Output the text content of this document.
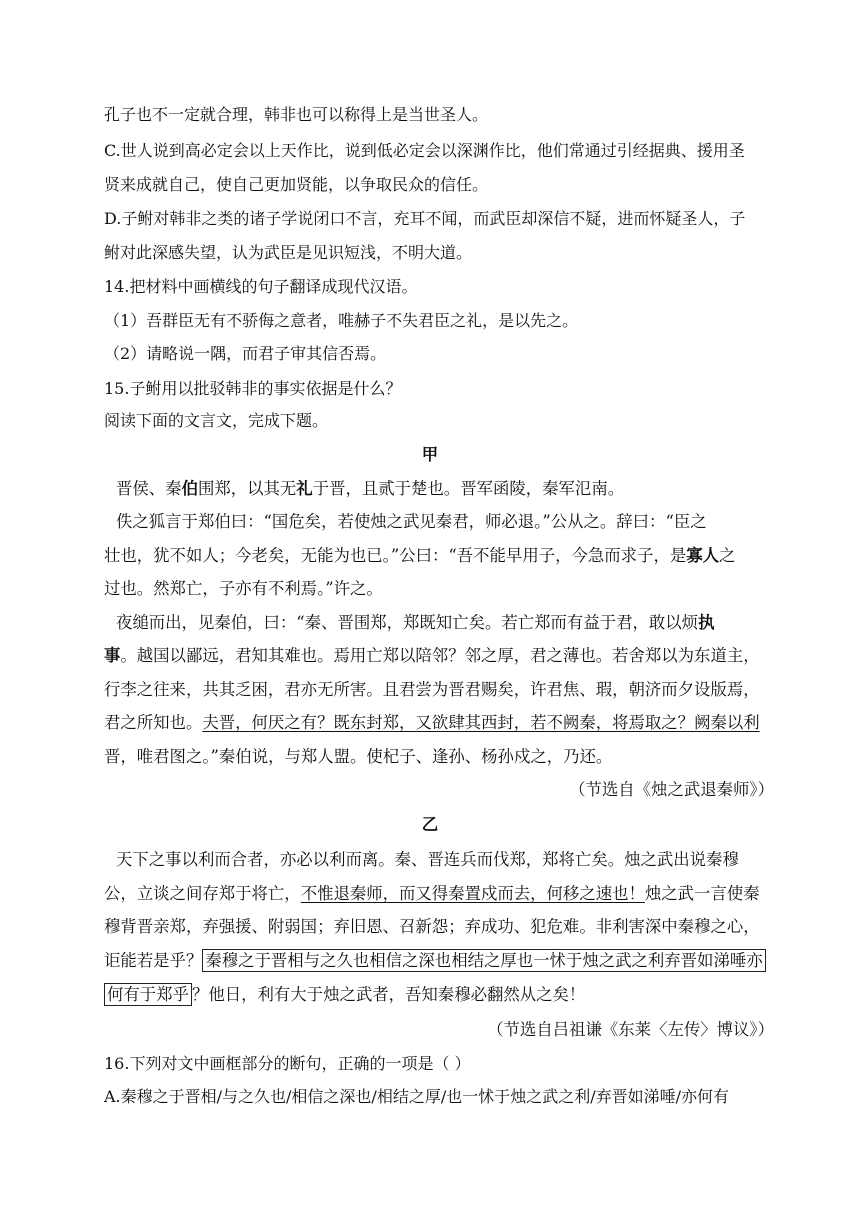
孔子也不一定就合理，韩非也可以称得上是当世圣人。
C.世人说到高必定会以上天作比，说到低必定会以深渊作比，他们常通过引经据典、援用圣
贤来成就自己，使自己更加贤能，以争取民众的信任。
D.子鲋对韩非之类的诸子学说闭口不言，充耳不闻，而武臣却深信不疑，进而怀疑圣人，子
鲋对此深感失望，认为武臣是见识短浅，不明大道。
14.把材料中画横线的句子翻译成现代汉语。
（1）吾群臣无有不骄侮之意者，唯赫子不失君臣之礼，是以先之。
（2）请略说一隅，而君子审其信否焉。
15.子鲋用以批驳韩非的事实依据是什么？
阅读下面的文言文，完成下题。
甲
晋侯、秦伯围郑，以其无礼于晋，且贰于楚也。晋军函陵，秦军氾南。
佚之狐言于郑伯曰：“国危矣，若使烛之武见秦君，师必退。”公从之。辞曰：“臣之
壮也，犹不如人；今老矣，无能为也已。”公曰：“吾不能早用子，今急而求子，是寡人之
过也。然郑亡，子亦有不利焉。”许之。
夜缒而出，见秦伯，曰：“秦、晋围郑，郑既知亡矣。若亡郑而有益于君，敢以烦执
事。越国以鄙远，君知其难也。焉用亡郑以陪邻？邻之厚，君之薄也。若舍郑以为东道主，
行李之往来，共其乏困，君亦无所害。且君尝为晋君赐矣，许君焦、瑕，朝济而夕设版焉，
君之所知也。夫晋，何厌之有？既东封郑，又欲肆其西封，若不阙秦，将焉取之？阙秦以利
晋，唯君图之。”秦伯说，与郑人盟。使杞子、逢孙、杨孙戍之，乃还。
（节选自《烛之武退秦师》）
乙
天下之事以利而合者，亦必以利而离。秦、晋连兵而伐郑，郑将亡矣。烛之武出说秦穆
公，立谈之间存郑于将亡，不惟退秦师，而又得秦置戍而去，何移之速也！烛之武一言使秦
穆背晋亲郑，弃强援、附弱国；弃旧恩、召新怨；弃成功、犯危难。非利害深中秦穆之心，
讵能若是乎？ 秦穆之于晋相与之久也相信之深也相结之厚也一怵于烛之武之利弃晋如涕唾亦
何有于郑乎 ？他日，利有大于烛之武者，吾知秦穆必翻然从之矣！
（节选自吕祖谦《东莱〈左传〉博议》）
16.下列对文中画框部分的断句，正确的一项是（ ）
A.秦穆之于晋相/与之久也/相信之深也/相结之厚/也一怵于烛之武之利/弃晋如涕唾/亦何有
